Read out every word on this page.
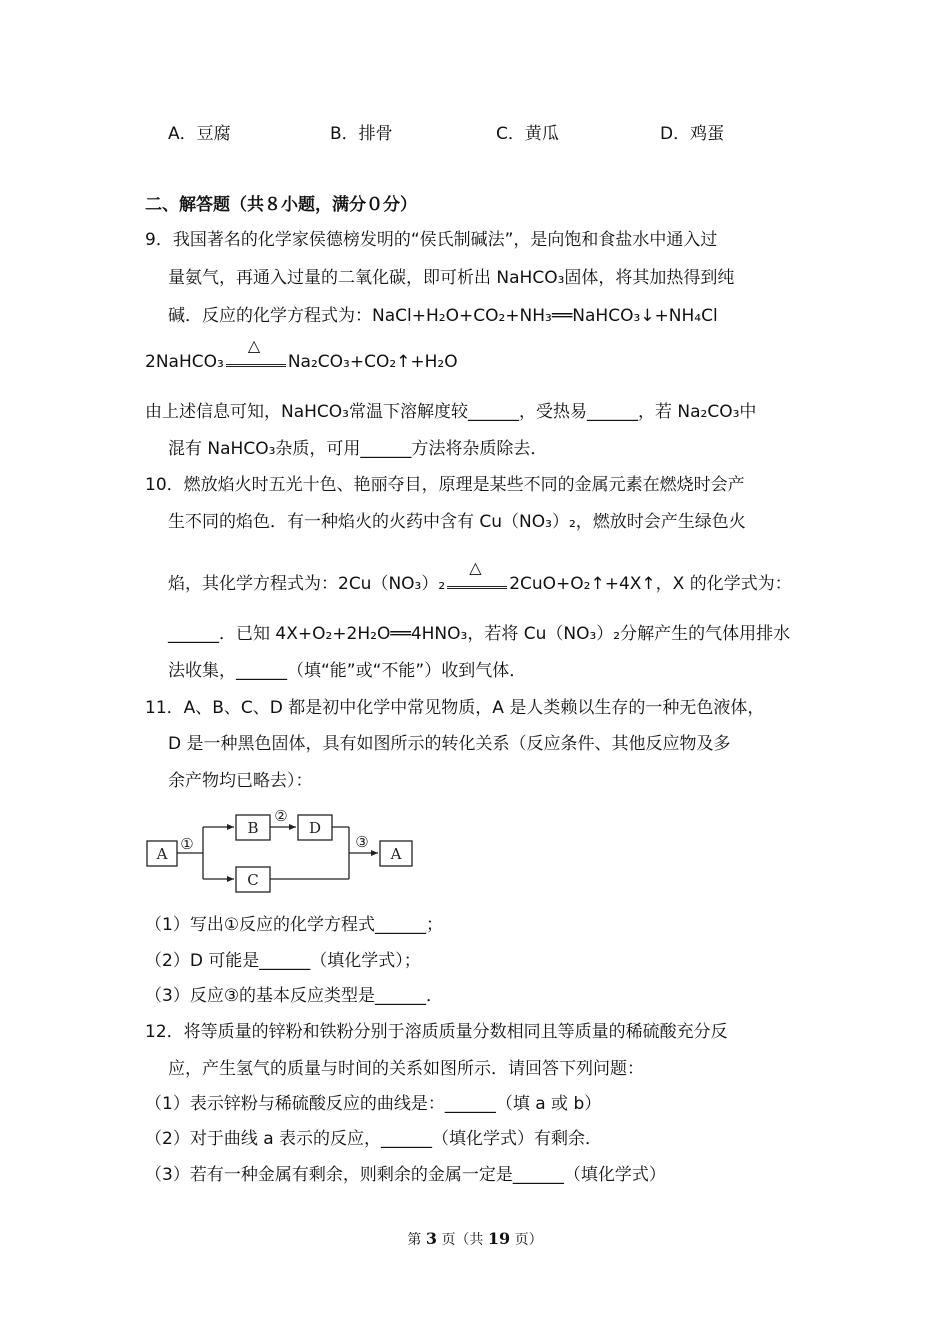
A．豆腐	B．排骨	C．黄瓜	D．鸡蛋
二、解答题（共８小题，满分０分）
9．我国著名的化学家侯德榜发明的“侯氏制碱法”，是向饱和食盐水中通入过
量氨气，再通入过量的二氧化碳，即可析出 NaHCO₃固体，将其加热得到纯
碱．反应的化学方程式为：NaCl+H₂O+CO₂+NH₃══NaHCO₃↓+NH₄Cl
2NaHCO₃
△
Na₂CO₃+CO₂↑+H₂O
由上述信息可知，NaHCO₃常温下溶解度较______，受热易______，若 Na₂CO₃中
混有 NaHCO₃杂质，可用______方法将杂质除去．
10．燃放焰火时五光十色、艳丽夺目，原理是某些不同的金属元素在燃烧时会产
生不同的焰色．有一种焰火的火药中含有 Cu（NO₃）₂，燃放时会产生绿色火
焰，其化学方程式为：2Cu（NO₃）₂
△
2CuO+O₂↑+4X↑，X 的化学式为：
______．已知 4X+O₂+2H₂O══4HNO₃，若将 Cu（NO₃）₂分解产生的气体用排水
法收集，______（填“能”或“不能”）收到气体．
11．A、B、C、D 都是初中化学中常见物质，A 是人类赖以生存的一种无色液体，
D 是一种黑色固体，具有如图所示的转化关系（反应条件、其他反应物及多
余产物均已略去）：
A
B	D
C
A
①
②
③
（1）写出①反应的化学方程式______；
（2）D 可能是______（填化学式）；
（3）反应③的基本反应类型是______．
12．将等质量的锌粉和铁粉分别于溶质质量分数相同且等质量的稀硫酸充分反
应，产生氢气的质量与时间的关系如图所示．请回答下列问题：
（1）表示锌粉与稀硫酸反应的曲线是：______（填 a 或 b）
（2）对于曲线 a 表示的反应，______（填化学式）有剩余．
（3）若有一种金属有剩余，则剩余的金属一定是______（填化学式）
第 3 页（共 19 页）
